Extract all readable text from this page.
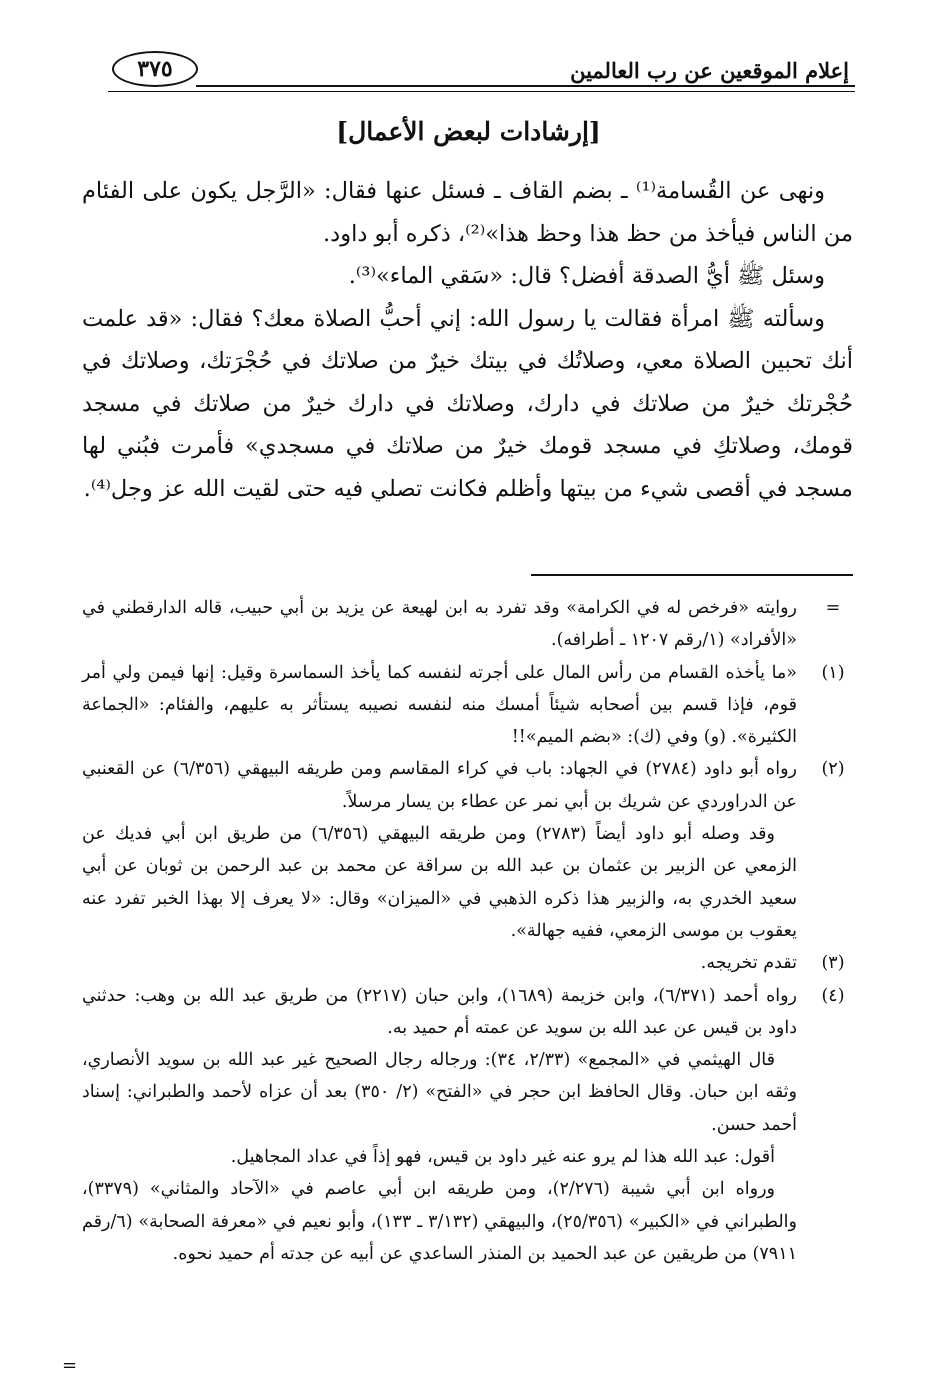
إعلام الموقعين عن رب العالمين
٣٧٥
[إرشادات لبعض الأعمال]

ونهى عن القُسامة⁽¹⁾ ـ بضم القاف ـ فسئل عنها فقال: «الرَّجل يكون على الفئام من الناس فيأخذ من حظ هذا وحظ هذا»⁽²⁾، ذكره أبو داود.

وسئل ﷺ أيُّ الصدقة أفضل؟ قال: «سَقي الماء»⁽³⁾.

وسألته ﷺ امرأة فقالت يا رسول الله: إني أحبُّ الصلاة معك؟ فقال: «قد علمت أنك تحبين الصلاة معي، وصلاتُك في بيتك خيرٌ من صلاتك في حُجْرَتك، وصلاتك في حُجْرتك خيرٌ من صلاتك في دارك، وصلاتك في دارك خيرٌ من صلاتك في مسجد قومك، وصلاتكِ في مسجد قومك خيرٌ من صلاتك في مسجدي» فأمرت فبُني لها مسجد في أقصى شيء من بيتها وأظلم فكانت تصلي فيه حتى لقيت الله عز وجل⁽⁴⁾.

=

روايته «فرخص له في الكرامة» وقد تفرد به ابن لهيعة عن يزيد بن أبي حبيب، قاله الدارقطني في «الأفراد» (١/رقم ١٢٠٧ ـ أطرافه).

(١)

«ما يأخذه القسام من رأس المال على أجرته لنفسه كما يأخذ السماسرة وقيل: إنها فيمن ولي أمر قوم، فإذا قسم بين أصحابه شيئاً أمسك منه لنفسه نصيبه يستأثر به عليهم، والفئام: «الجماعة الكثيرة». (و) وفي (ك): «بضم الميم»!!

(٢)

رواه أبو داود (٢٧٨٤) في الجهاد: باب في كراء المقاسم ومن طريقه البيهقي (٦/٣٥٦) عن القعنبي عن الدراوردي عن شريك بن أبي نمر عن عطاء بن يسار مرسلاً.

وقد وصله أبو داود أيضاً (٢٧٨٣) ومن طريقه البيهقي (٦/٣٥٦) من طريق ابن أبي فديك عن الزمعي عن الزبير بن عثمان بن عبد الله بن سراقة عن محمد بن عبد الرحمن بن ثوبان عن أبي سعيد الخدري به، والزبير هذا ذكره الذهبي في «الميزان» وقال: «لا يعرف إلا بهذا الخبر تفرد عنه يعقوب بن موسى الزمعي، ففيه جهالة».

(٣)

تقدم تخريجه.

(٤)

رواه أحمد (٦/٣٧١)، وابن خزيمة (١٦٨٩)، وابن حبان (٢٢١٧) من طريق عبد الله بن وهب: حدثني داود بن قيس عن عبد الله بن سويد عن عمته أم حميد به.

قال الهيثمي في «المجمع» (٢/٣٣، ٣٤): ورجاله رجال الصحيح غير عبد الله بن سويد الأنصاري، وثقه ابن حبان. وقال الحافظ ابن حجر في «الفتح» (٢/ ٣٥٠) بعد أن عزاه لأحمد والطبراني: إسناد أحمد حسن.

أقول: عبد الله هذا لم يرو عنه غير داود بن قيس، فهو إذاً في عداد المجاهيل.

ورواه ابن أبي شيبة (٢/٢٧٦)، ومن طريقه ابن أبي عاصم في «الآحاد والمثاني» (٣٣٧٩)، والطبراني في «الكبير» (٢٥/٣٥٦)، والبيهقي (٣/١٣٢ ـ ١٣٣)، وأبو نعيم في «معرفة الصحابة» (٦/رقم ٧٩١١) من طريقين عن عبد الحميد بن المنذر الساعدي عن أبيه عن جدته أم حميد نحوه.

=
